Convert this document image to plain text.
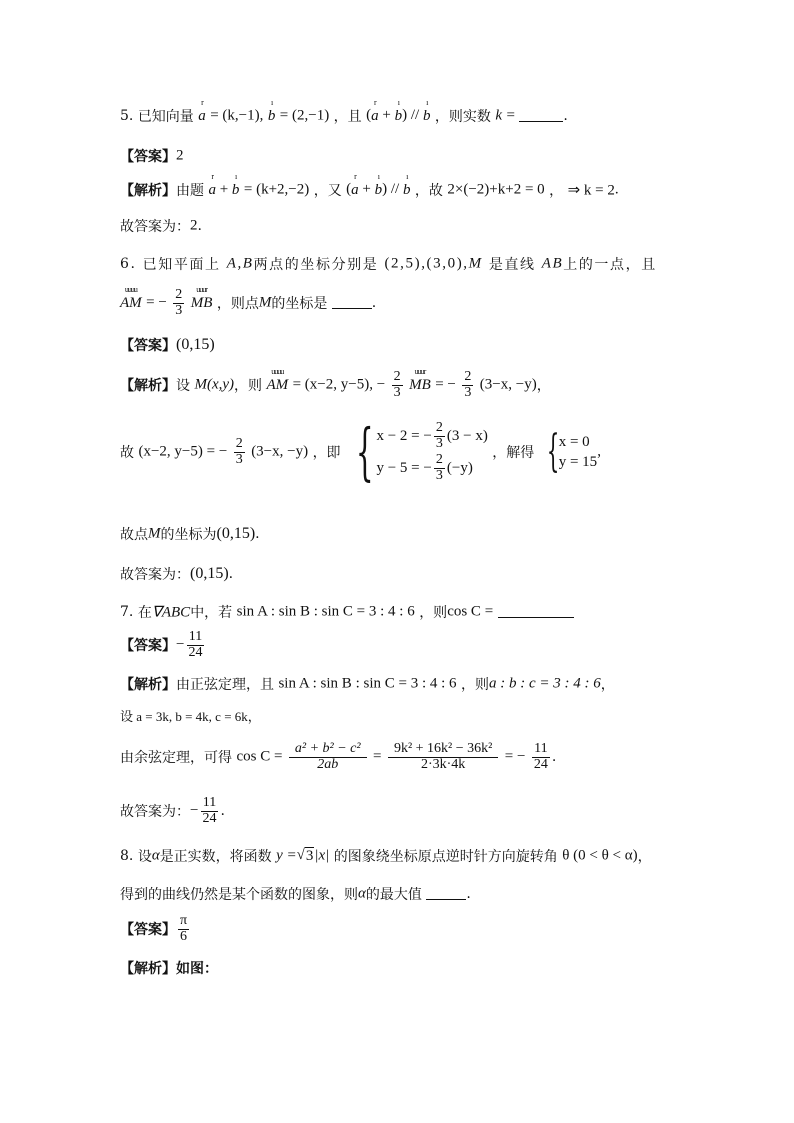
5. 已知向量
r
a = (k,−1),
ı
b = (2,−1) ，且 (
r
a +
ı
b) //
ı
b ，则实数 k =	.
【答案】2
【解析】由题
r
a +
ı
b = (k+2,−2) ，又 (
r
a +
ı
b) //
ı
b ，故 2×(−2)+k+2 = 0 ， ⇒ k = 2.
故答案为：2.
6. 已知平面上 A,B两点的坐标分别是 (2,5),(3,0),M 是直线 AB上的一点，且
uuuu
AM = − $\frac{2}{3}$
	uuur
MB ，则点M的坐标是	.
【答案】(0,15)
【解析】设 M(x,y)，则
uuuu
AM = (x−2, y−5), − $\frac{2}{3}$
	uuur
MB = − $\frac{2}{3} (3-x$, −y)，
故 (x−2, y−5) = − $\frac{2}{3} (3-x$, −y) ，即 { x − 2 = − $\frac{2}{3} (3 - x)$
y − 5 = − $\frac{2}{3} (-y)$
，解得 { x = 0
y = 15
,
故点M的坐标为(0,15).
故答案为：(0,15).
7. 在∇ABC中，若 sin A : sin B : sin C = 3 : 4 : 6 ，则cos C =
【答案】− $\frac{11}{24}$
【解析】由正弦定理，且 sin A : sin B : sin C = 3 : 4 : 6 ，则a : b : c = 3 : 4 : 6，
设 a = 3k, b = 4k, c = 6k，
由余弦定理，可得 $\cos C = \frac{\text{a² + b² − c²}}{2ab} = \frac{\text{9k² + 16k² − 36k²}}{2\cdot 3k\cdot 4k}$ = − $\frac{11}{24}$ .
故答案为：− $\frac{11}{24}$ .
8. 设α是正实数，将函数 y =√3|x| 的图象绕坐标原点逆时针方向旋转角 θ (0 < θ < α)，
得到的曲线仍然是某个函数的图象，则α的最大值	.
【答案】 $\frac{\pi}{6}$
【解析】如图：
